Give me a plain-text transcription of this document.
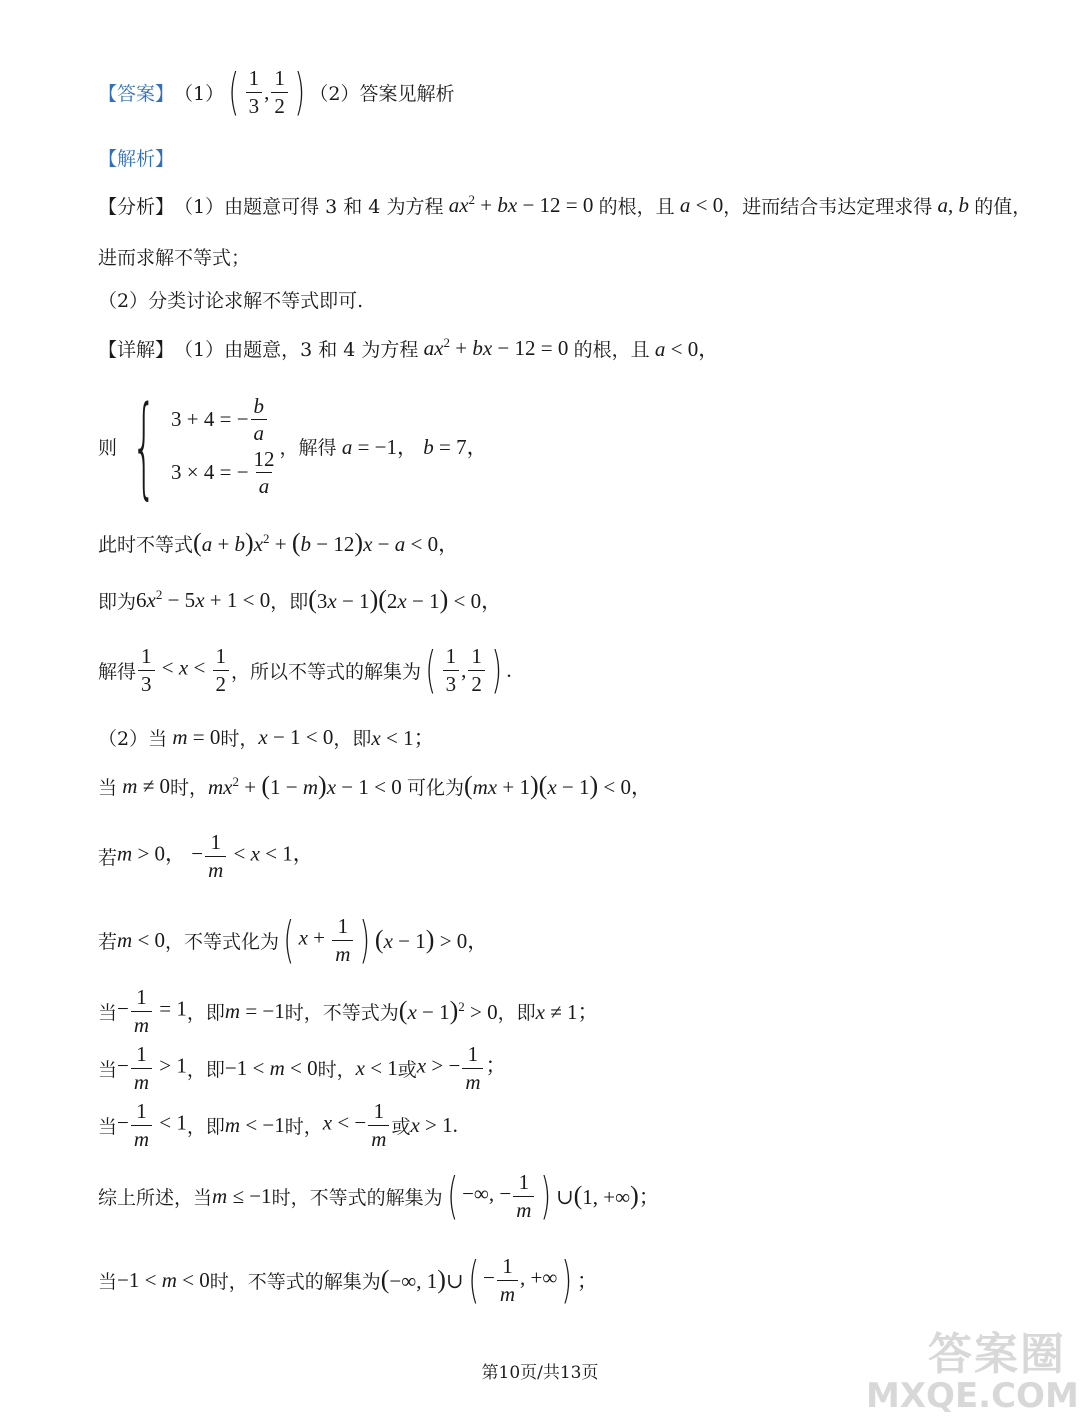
【答案】 （1） ( $\frac{1}{3}$ , $\frac{1}{2}$ ) （2）答案见解析
【解析】
【分析】 （1）由题意可得 3 和 4 为方程 $ax^2$ + bx − 12 = 0 的根，且 a < 0 ，进而结合韦达定理求得 a, b 的值，
进而求解不等式；
（2）分类讨论求解不等式即可.
【详解】 （1）由题意，3 和 4 为方程 $ax^2$ + bx − 12 = 0 的根，且 a < 0，
则 { 3 + 4 = − $\frac{b}{a}$
3 × 4 = − $\frac{12}{a}$
，解得 a = −1， b = 7，
此时不等式 $(a + b)x^2 + (b - 12)x - a < 0$，
即为 $6x^2 - 5x + 1 < 0$ ，即 (3x − 1)(2x − 1) < 0，
解得 $\frac{1}{3} < x < \frac{1}{2}$ ，所以不等式的解集为 ( $\frac{1}{3}$ , $\frac{1}{2}$ ) .
（2）当 m = 0 时， x − 1 < 0 ，即 x < 1；
当 m ≠ 0 时， $mx^2 + (1 - m)x - 1 < 0$ 可化为 (mx + 1)(x − 1) < 0，
若 m > 0， − $\frac{1}{m} < x < 1$，
若 m < 0 ，不等式化为 ( $x + \frac{1}{m}$ ) (x − 1) > 0，
当 − $\frac{1}{m} = 1$ ，即 m = −1 时，不等式为 $(x - 1)^2 > 0$ ，即 x ≠ 1；
当 − $\frac{1}{m} > 1$ ，即 −1 < m < 0 时， x < 1 或 x > − $\frac{1}{m}$ ；
当 − $\frac{1}{m} < 1$ ，即 m < −1 时， x < − $\frac{1}{m}$ 或 x > 1.
综上所述，当 m ≤ −1 时，不等式的解集为 ( −∞, − $\frac{1}{m}$ ) ∪(1, +∞)；
当 −1 < m < 0 时，不等式的解集为 (−∞, 1)∪ ( − $\frac{1}{m}$ , +∞ ) ；
第10页/共13页	答案圈
MXQE.COM
